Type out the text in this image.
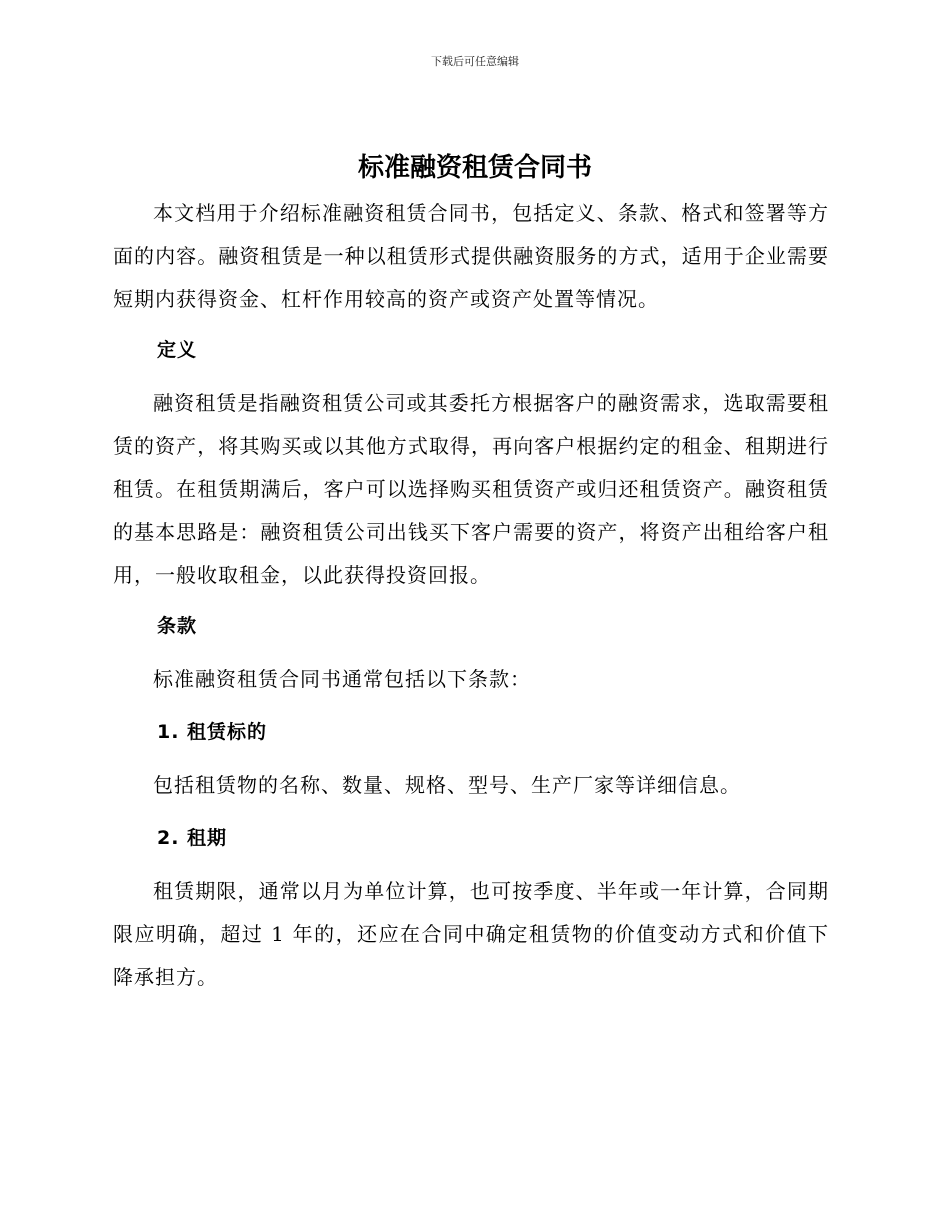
下载后可任意编辑
标准融资租赁合同书

本文档用于介绍标准融资租赁合同书，包括定义、条款、格式和签署等方面的内容。融资租赁是一种以租赁形式提供融资服务的方式，适用于企业需要短期内获得资金、杠杆作用较高的资产或资产处置等情况。

定义

融资租赁是指融资租赁公司或其委托方根据客户的融资需求，选取需要租赁的资产，将其购买或以其他方式取得，再向客户根据约定的租金、租期进行租赁。在租赁期满后，客户可以选择购买租赁资产或归还租赁资产。融资租赁的基本思路是：融资租赁公司出钱买下客户需要的资产，将资产出租给客户租用，一般收取租金，以此获得投资回报。

条款

标准融资租赁合同书通常包括以下条款：

1. 租赁标的

包括租赁物的名称、数量、规格、型号、生产厂家等详细信息。

2. 租期

租赁期限，通常以月为单位计算，也可按季度、半年或一年计算，合同期限应明确，超过 1 年的，还应在合同中确定租赁物的价值变动方式和价值下降承担方。
